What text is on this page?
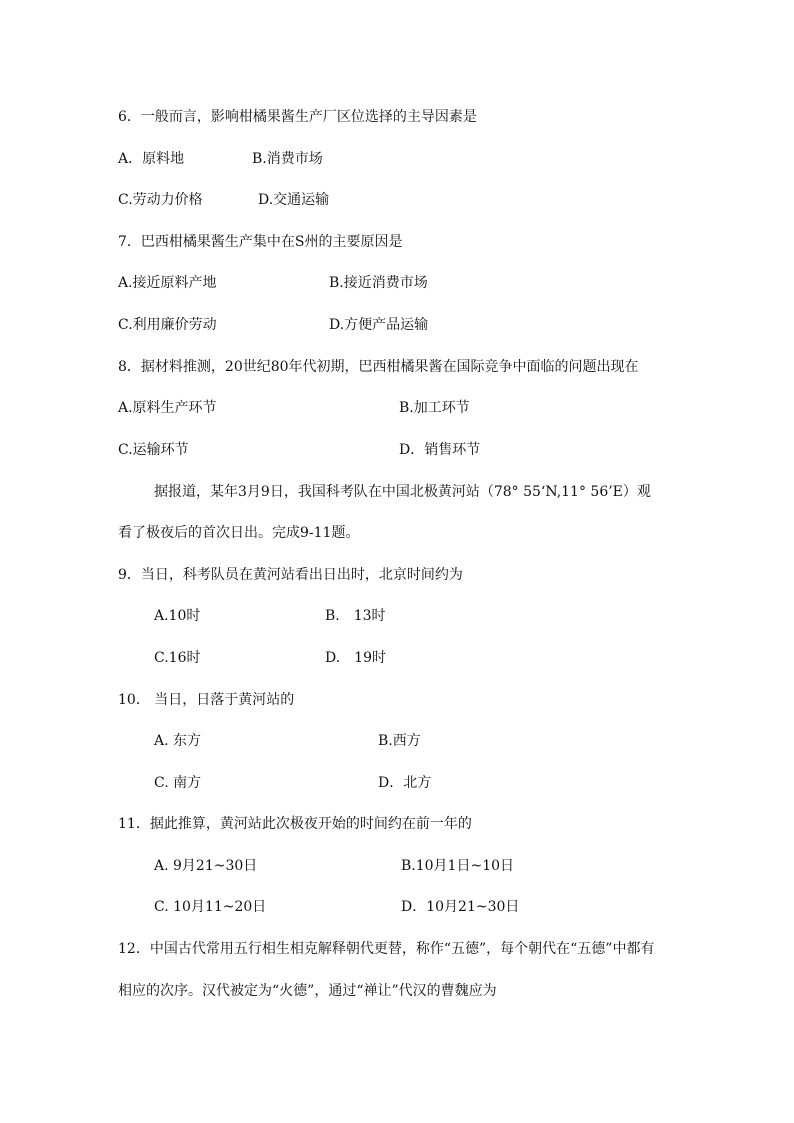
6．一般而言，影响柑橘果酱生产厂区位选择的主导因素是
A．原料地	B.消费市场
C.劳动力价格	D.交通运输
7．巴西柑橘果酱生产集中在S州的主要原因是
A.接近原料产地	B.接近消费市场
C.利用廉价劳动	D.方便产品运输
8．据材料推测，20世纪80年代初期，巴西柑橘果酱在国际竞争中面临的问题出现在
A.原料生产环节	B.加工环节
C.运输环节	D．销售环节
据报道，某年3月9日，我国科考队在中国北极黄河站（78° 55‘N,11° 56’E）观
看了极夜后的首次日出。完成9-11题。
9．当日，科考队员在黄河站看出日出时，北京时间约为
A.10时	B.　13时
C.16时	D.　19时
10． 当日，日落于黄河站的
A. 东方	B.西方
C. 南方	D．北方
11．据此推算，黄河站此次极夜开始的时间约在前一年的
A. 9月21~30日	B.10月1日~10日
C. 10月11~20日	D．10月21~30日
12．中国古代常用五行相生相克解释朝代更替，称作“五德”，每个朝代在“五德”中都有
相应的次序。汉代被定为“火德”，通过“禅让”代汉的曹魏应为
